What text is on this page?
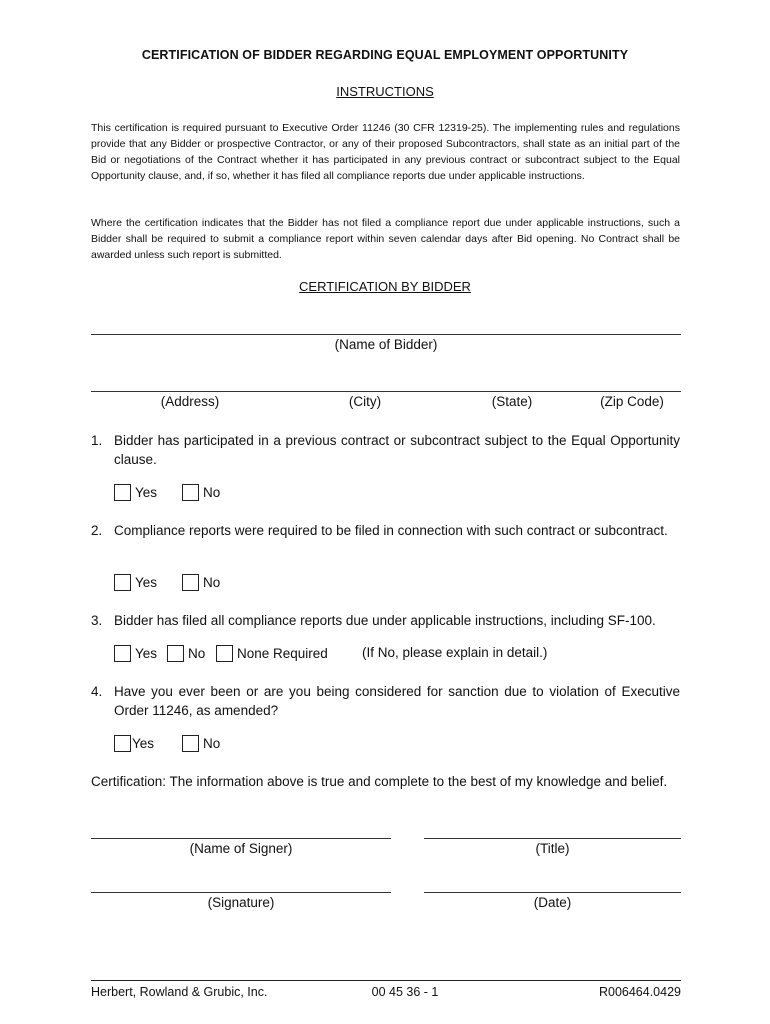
CERTIFICATION OF BIDDER REGARDING EQUAL EMPLOYMENT OPPORTUNITY
INSTRUCTIONS
This certification is required pursuant to Executive Order 11246 (30 CFR 12319-25). The implementing rules and regulations provide that any Bidder or prospective Contractor, or any of their proposed Subcontractors, shall state as an initial part of the Bid or negotiations of the Contract whether it has participated in any previous contract or subcontract subject to the Equal Opportunity clause, and, if so, whether it has filed all compliance reports due under applicable instructions.
Where the certification indicates that the Bidder has not filed a compliance report due under applicable instructions, such a Bidder shall be required to submit a compliance report within seven calendar days after Bid opening. No Contract shall be awarded unless such report is submitted.
CERTIFICATION BY BIDDER
(Name of Bidder)
(Address)	(City)	(State)	(Zip Code)
1. Bidder has participated in a previous contract or subcontract subject to the Equal Opportunity clause.
Yes	No
2. Compliance reports were required to be filed in connection with such contract or subcontract.
Yes	No
3. Bidder has filed all compliance reports due under applicable instructions, including SF-100.
Yes No None Required	(If No, please explain in detail.)
4. Have you ever been or are you being considered for sanction due to violation of Executive Order 11246, as amended?
Yes	No
Certification: The information above is true and complete to the best of my knowledge and belief.
(Name of Signer)	(Title)
(Signature)	(Date)
Herbert, Rowland & Grubic, Inc.	00 45 36 - 1	R006464.0429
